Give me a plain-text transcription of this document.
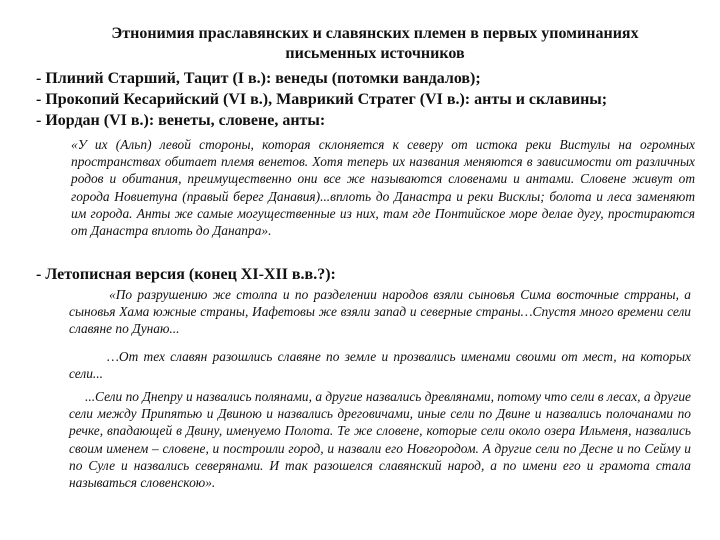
Этнонимия праславянских и славянских племен в первых упоминаниях
письменных источников
- Плиний Старший, Тацит (I в.): венеды (потомки вандалов);
- Прокопий Кесарийский (VI в.), Маврикий Стратег (VI в.): анты и склавины;
- Иордан (VI в.): венеты, словене, анты:
«У их (Альп) левой стороны, которая склоняется к северу от истока реки Вистулы на огромных пространствах обитает племя венетов. Хотя теперь их названия меняются в зависимости от различных родов и обитания, преимущественно они все же называются словенами и антами. Словене живут от города Новиетуна (правый берег Данавия)...вплоть до Данастра и реки Висклы; болота и леса заменяют им города. Анты же самые могущественные из них, там где Понтийское море делае дугу, простираются от Данастра вплоть до Данапра».
- Летописная версия (конец XI-XII в.в.?):

«По разрушению же столпа и по разделении народов взяли сыновья Сима восточные стрраны, а сыновья Хама южные страны, Иафетовы же взяли запад и северные страны…Спустя много времени сели славяне по Дунаю...

…От тех славян разошлись славяне по земле и прозвались именами своими от мест, на которых сели...

...Сели по Днепру и назвались полянами, а другие назвались древлянами, потому что сели в лесах, а другие сели между Припятью и Двиною и назвались дреговичами, иные сели по Двине и назвались полочанами по речке, впадающей в Двину, именуемо Полота. Те же словене, которые сели около озера Ильменя, назвались своим именем – словене, и построили город, и назвали его Новгородом. А другие сели по Десне и по Сейму и по Суле и назвались северянами. И так разошелся славянский народ, а по имени его и грамота стала называться словенскою».
